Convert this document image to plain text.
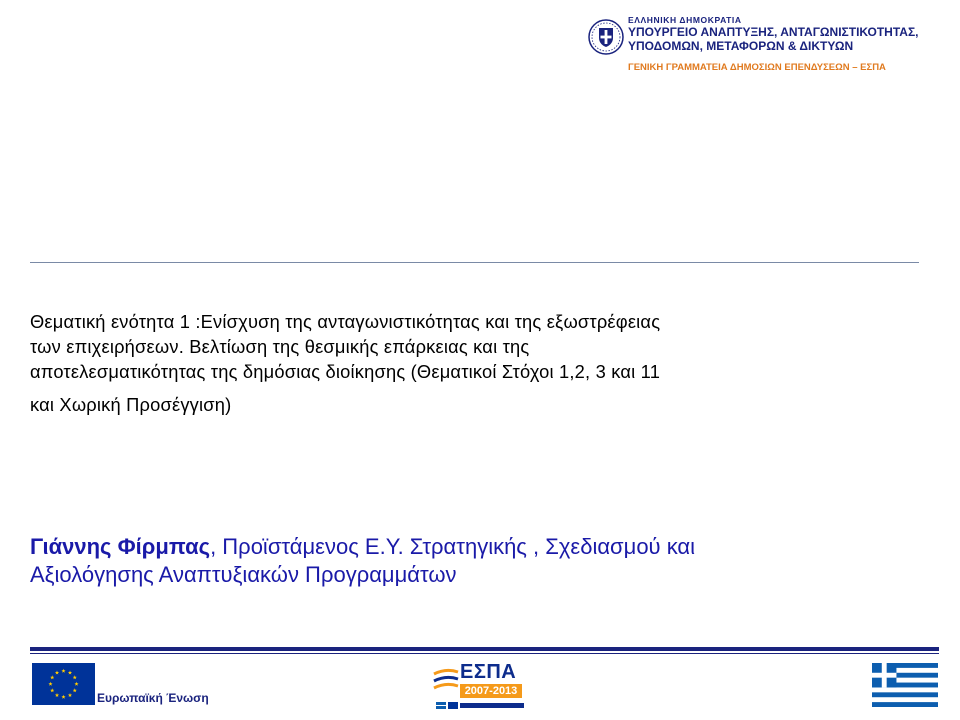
ΕΛΛΗΝΙΚΗ ΔΗΜΟΚΡΑΤΙΑ
ΥΠΟΥΡΓΕΙΟ ΑΝΑΠΤΥΞΗΣ, ΑΝΤΑΓΩΝΙΣΤΙΚΟΤΗΤΑΣ,
ΥΠΟΔΟΜΩΝ, ΜΕΤΑΦΟΡΩΝ & ΔΙΚΤΥΩΝ
ΓΕΝΙΚΗ ΓΡΑΜΜΑΤΕΙΑ ΔΗΜΟΣΙΩΝ ΕΠΕΝΔΥΣΕΩΝ – ΕΣΠΑ
Θεματική ενότητα 1 :Ενίσχυση της ανταγωνιστικότητας και της εξωστρέφειας
των επιχειρήσεων. Βελτίωση της θεσμικής επάρκειας και της
αποτελεσματικότητας της δημόσιας διοίκησης (Θεματικοί Στόχοι 1,2, 3 και 11
και Χωρική Προσέγγιση)
Γιάννης Φίρμπας, Προϊστάμενος Ε.Υ. Στρατηγικής , Σχεδιασμού και
Αξιολόγησης Αναπτυξιακών Προγραμμάτων
Ευρωπαϊκή Ένωση
ΕΣΠΑ
2007-2013
